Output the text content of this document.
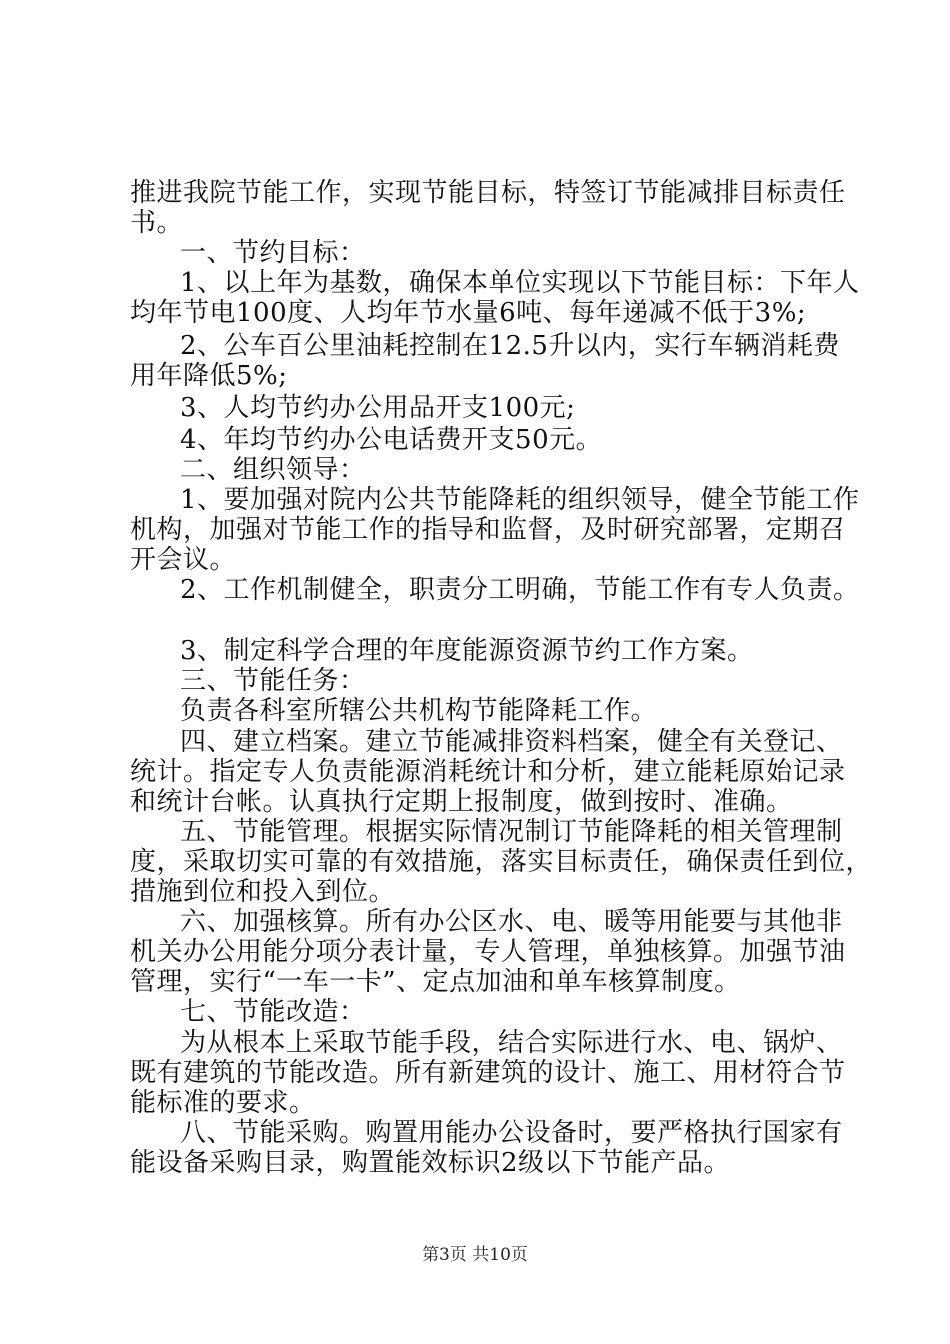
推进我院节能工作，实现节能目标，特签订节能减排目标责任
书。
一、节约目标：
1、以上年为基数，确保本单位实现以下节能目标：下年人
均年节电100度、人均年节水量6吨、每年递减不低于3%;
2、公车百公里油耗控制在12.5升以内，实行车辆消耗费
用年降低5%;
3、人均节约办公用品开支100元;
4、年均节约办公电话费开支50元。
二、组织领导：
1、要加强对院内公共节能降耗的组织领导，健全节能工作
机构，加强对节能工作的指导和监督，及时研究部署，定期召
开会议。
2、工作机制健全，职责分工明确，节能工作有专人负责。
3、制定科学合理的年度能源资源节约工作方案。
三、节能任务：
负责各科室所辖公共机构节能降耗工作。
四、建立档案。建立节能减排资料档案，健全有关登记、
统计。指定专人负责能源消耗统计和分析，建立能耗原始记录
和统计台帐。认真执行定期上报制度，做到按时、准确。
五、节能管理。根据实际情况制订节能降耗的相关管理制
度，采取切实可靠的有效措施，落实目标责任，确保责任到位，
措施到位和投入到位。
六、加强核算。所有办公区水、电、暖等用能要与其他非
机关办公用能分项分表计量，专人管理，单独核算。加强节油
管理，实行“一车一卡”、定点加油和单车核算制度。
七、节能改造：
为从根本上采取节能手段，结合实际进行水、电、锅炉、
既有建筑的节能改造。所有新建筑的设计、施工、用材符合节
能标准的要求。
八、节能采购。购置用能办公设备时，要严格执行国家有
能设备采购目录，购置能效标识2级以下节能产品。
第3页 共10页
